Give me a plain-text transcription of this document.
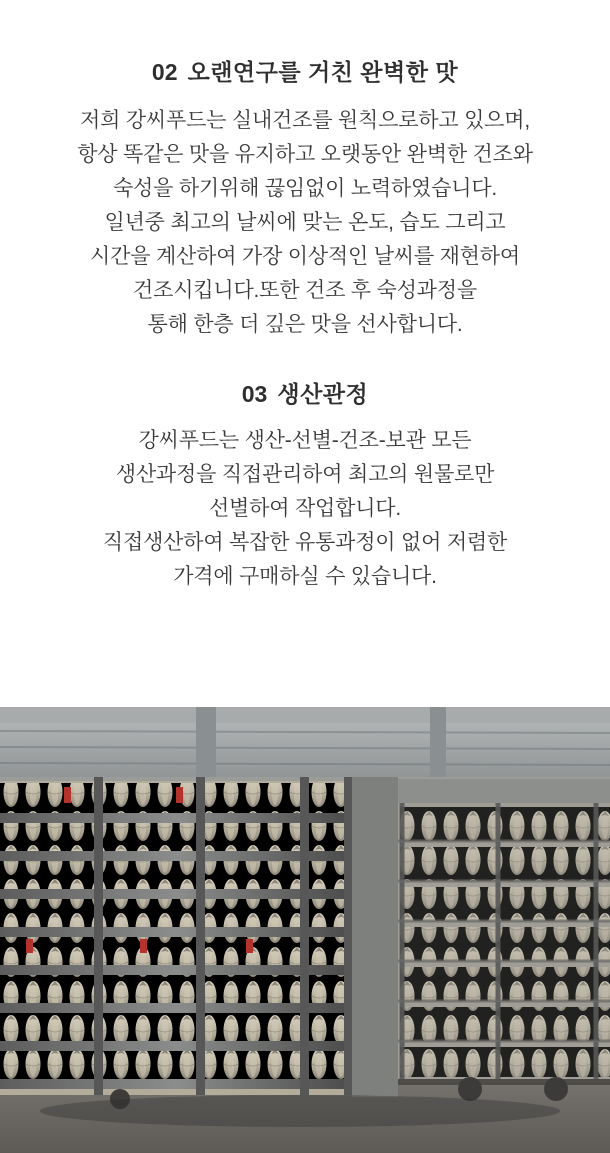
02 오랜연구를 거친 완벽한 맛

저희 강씨푸드는 실내건조를 원칙으로하고 있으며,
항상 똑같은 맛을 유지하고 오랫동안 완벽한 건조와
숙성을 하기위해 끊임없이 노력하였습니다.
일년중 최고의 날씨에 맞는 온도, 습도 그리고
시간을 계산하여 가장 이상적인 날씨를 재현하여
건조시킵니다.또한 건조 후 숙성과정을
통해 한층 더 깊은 맛을 선사합니다.

03 생산관정

강씨푸드는 생산-선별-건조-보관 모든
생산과정을 직접관리하여 최고의 원물로만
선별하여 작업합니다.
직접생산하여 복잡한 유통과정이 없어 저렴한
가격에 구매하실 수 있습니다.
